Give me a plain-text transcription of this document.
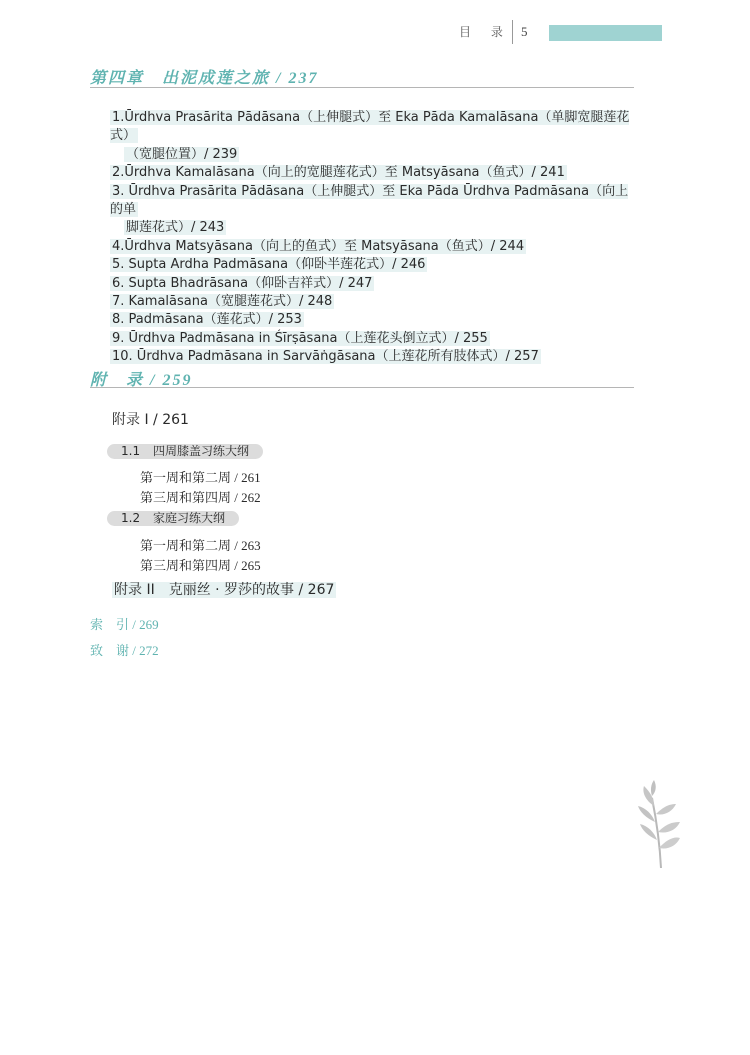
目 录 5
第四章　出泥成莲之旅 / 237
1.Ūrdhva Prasārita Pādāsana（上伸腿式）至 Eka Pāda Kamalāsana（单脚宽腿莲花式）
（宽腿位置）/ 239
2.Ūrdhva Kamalāsana（向上的宽腿莲花式）至 Matsyāsana（鱼式）/ 241
3. Ūrdhva Prasārita Pādāsana（上伸腿式）至 Eka Pāda Ūrdhva Padmāsana（向上的单
脚莲花式）/ 243
4.Ūrdhva Matsyāsana（向上的鱼式）至 Matsyāsana（鱼式）/ 244
5. Supta Ardha Padmāsana（仰卧半莲花式）/ 246
6. Supta Bhadrāsana（仰卧吉祥式）/ 247
7. Kamalāsana（宽腿莲花式）/ 248
8. Padmāsana（莲花式）/ 253
9. Ūrdhva Padmāsana in Śīrṣāsana（上莲花头倒立式）/ 255
10. Ūrdhva Padmāsana in Sarvāṅgāsana（上莲花所有肢体式）/ 257
附　录 / 259
附录 I / 261
1.1 四周膝盖习练大纲
第一周和第二周 / 261
第三周和第四周 / 262
1.2 家庭习练大纲
第一周和第二周 / 263
第三周和第四周 / 265
附录 II　克丽丝 · 罗莎的故事 / 267
索　引 / 269
致　谢 / 272
